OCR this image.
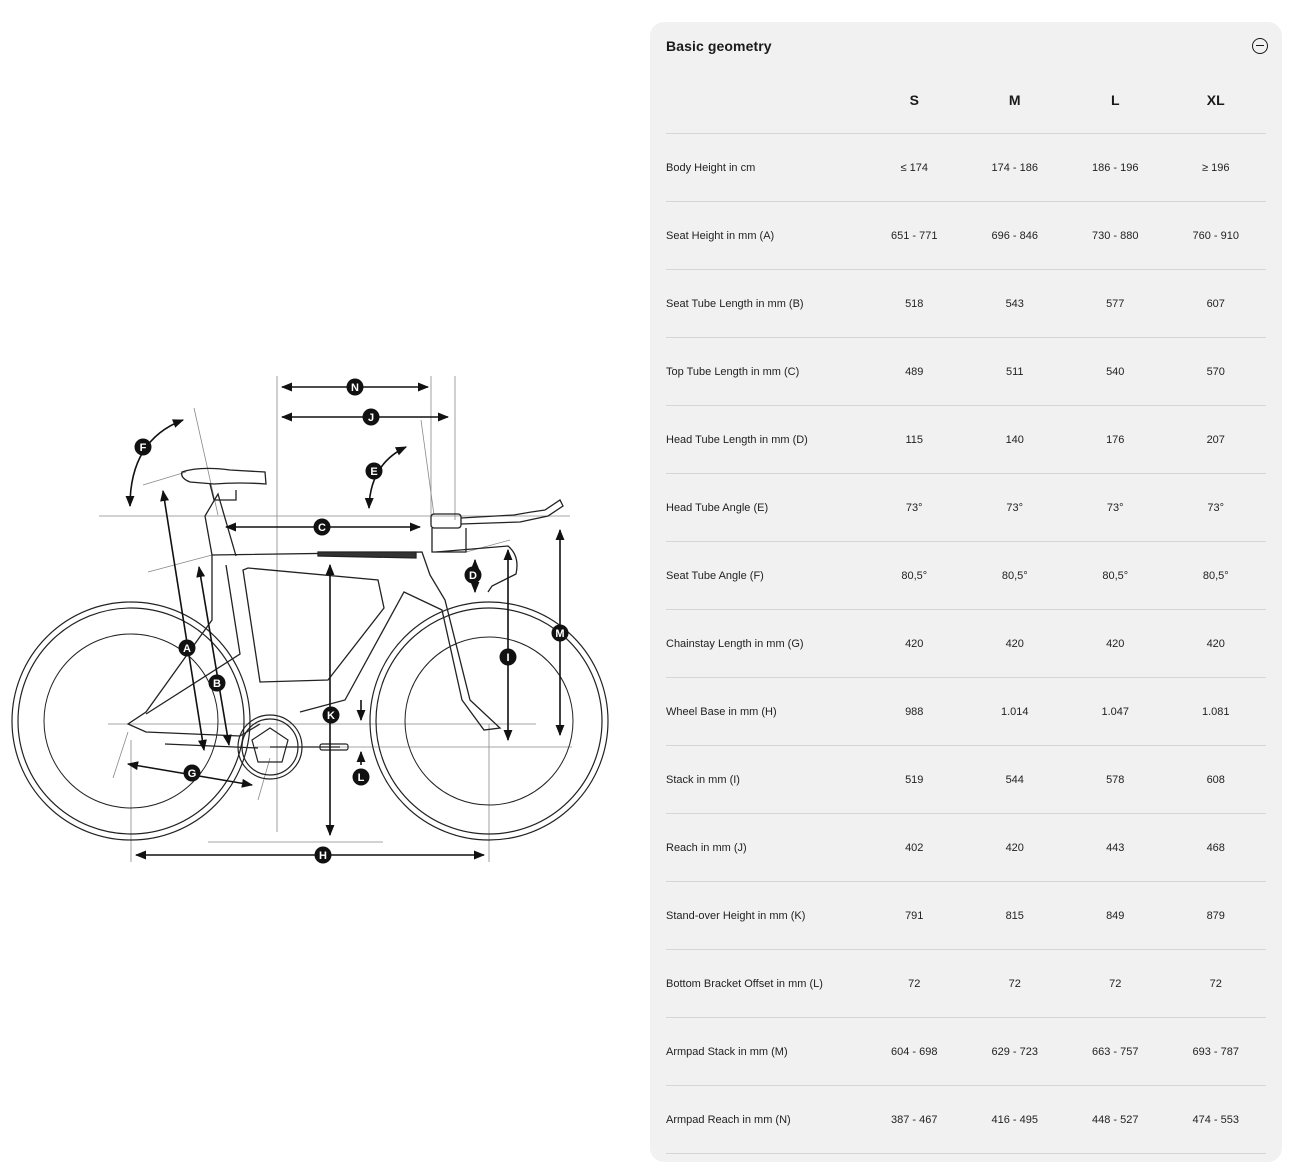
N
J
C
E
F
D
A
B
M
I
K
G	L
H
Basic geometry
	S	M	L	XL
Body Height in cm	≤ 174	174 - 186	186 - 196	≥ 196
Seat Height in mm (A)	651 - 771	696 - 846	730 - 880	760 - 910
Seat Tube Length in mm (B)	518	543	577	607
Top Tube Length in mm (C)	489	511	540	570
Head Tube Length in mm (D)	115	140	176	207
Head Tube Angle (E)	73°	73°	73°	73°
Seat Tube Angle (F)	80,5°	80,5°	80,5°	80,5°
Chainstay Length in mm (G)	420	420	420	420
Wheel Base in mm (H)	988	1.014	1.047	1.081
Stack in mm (I)	519	544	578	608
Reach in mm (J)	402	420	443	468
Stand-over Height in mm (K)	791	815	849	879
Bottom Bracket Offset in mm (L)	72	72	72	72
Armpad Stack in mm (M)	604 - 698	629 - 723	663 - 757	693 - 787
Armpad Reach in mm (N)	387 - 467	416 - 495	448 - 527	474 - 553
